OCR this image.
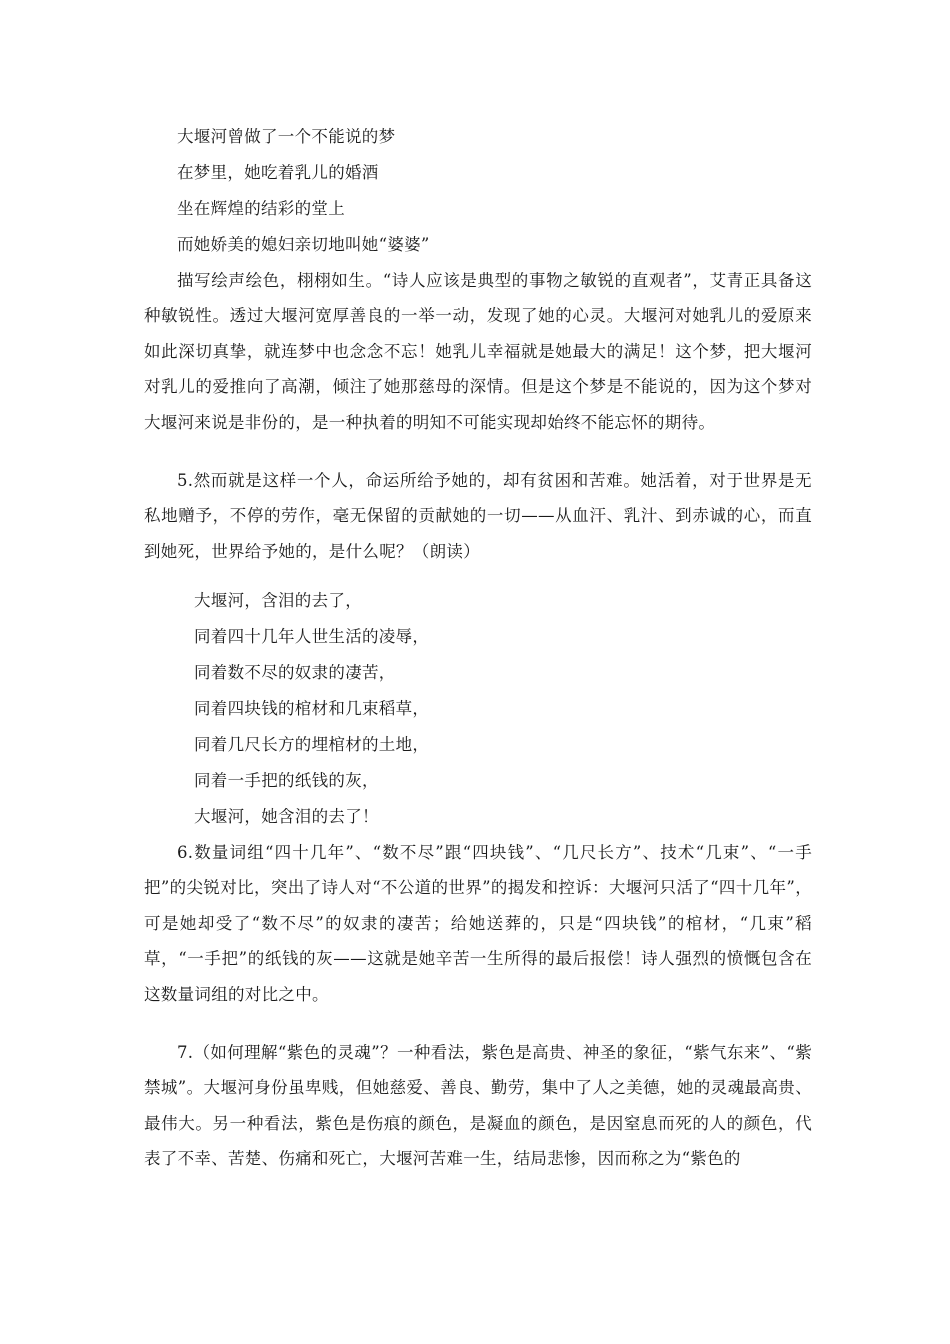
大堰河曾做了一个不能说的梦
在梦里，她吃着乳儿的婚酒
坐在辉煌的结彩的堂上
而她娇美的媳妇亲切地叫她“婆婆”

描写绘声绘色，栩栩如生。“诗人应该是典型的事物之敏锐的直观者”，艾青正具备这种敏锐性。透过大堰河宽厚善良的一举一动，发现了她的心灵。大堰河对她乳儿的爱原来如此深切真挚，就连梦中也念念不忘！她乳儿幸福就是她最大的满足！这个梦，把大堰河对乳儿的爱推向了高潮，倾注了她那慈母的深情。但是这个梦是不能说的，因为这个梦对大堰河来说是非份的，是一种执着的明知不可能实现却始终不能忘怀的期待。

5.然而就是这样一个人，命运所给予她的，却有贫困和苦难。她活着，对于世界是无私地赠予，不停的劳作，毫无保留的贡献她的一切——从血汗、乳汁、到赤诚的心，而直到她死，世界给予她的，是什么呢？（朗读）

大堰河，含泪的去了，
同着四十几年人世生活的凌辱，
同着数不尽的奴隶的凄苦，
同着四块钱的棺材和几束稻草，
同着几尺长方的埋棺材的土地，
同着一手把的纸钱的灰，
大堰河，她含泪的去了！

6.数量词组“四十几年”、“数不尽”跟“四块钱”、“几尺长方”、技术“几束”、“一手把”的尖锐对比，突出了诗人对“不公道的世界”的揭发和控诉：大堰河只活了“四十几年”，可是她却受了“数不尽”的奴隶的凄苦；给她送葬的，只是“四块钱”的棺材，“几束”稻草，“一手把”的纸钱的灰——这就是她辛苦一生所得的最后报偿！诗人强烈的愤慨包含在这数量词组的对比之中。

7.（如何理解“紫色的灵魂”？一种看法，紫色是高贵、神圣的象征，“紫气东来”、“紫禁城”。大堰河身份虽卑贱，但她慈爱、善良、勤劳，集中了人之美德，她的灵魂最高贵、最伟大。另一种看法，紫色是伤痕的颜色，是凝血的颜色，是因窒息而死的人的颜色，代表了不幸、苦楚、伤痛和死亡，大堰河苦难一生，结局悲惨，因而称之为“紫色的
